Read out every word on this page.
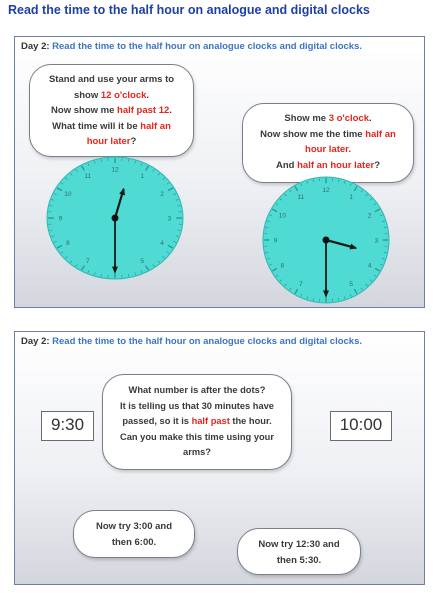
Read the time to the half hour on analogue and digital clocks
Day 2: Read the time to the half hour on analogue clocks and digital clocks.
Stand and use your arms to
show 12 o'clock.
Now show me half past 12.
What time will it be half an
hour later?
Show me 3 o'clock.
Now show me the time half an
hour later.
And half an hour later?
1
2
3
4
5
7
8
9
10
11
12
1
2
3
4
5
7
8
9
10
11
12
Day 2: Read the time to the half hour on analogue clocks and digital clocks.
9:30	10:00
What number is after the dots?
It is telling us that 30 minutes have
passed, so it is half past the hour.
Can you make this time using your
arms?
Now try 3:00 and
then 6:00.	Now try 12:30 and
then 5:30.
